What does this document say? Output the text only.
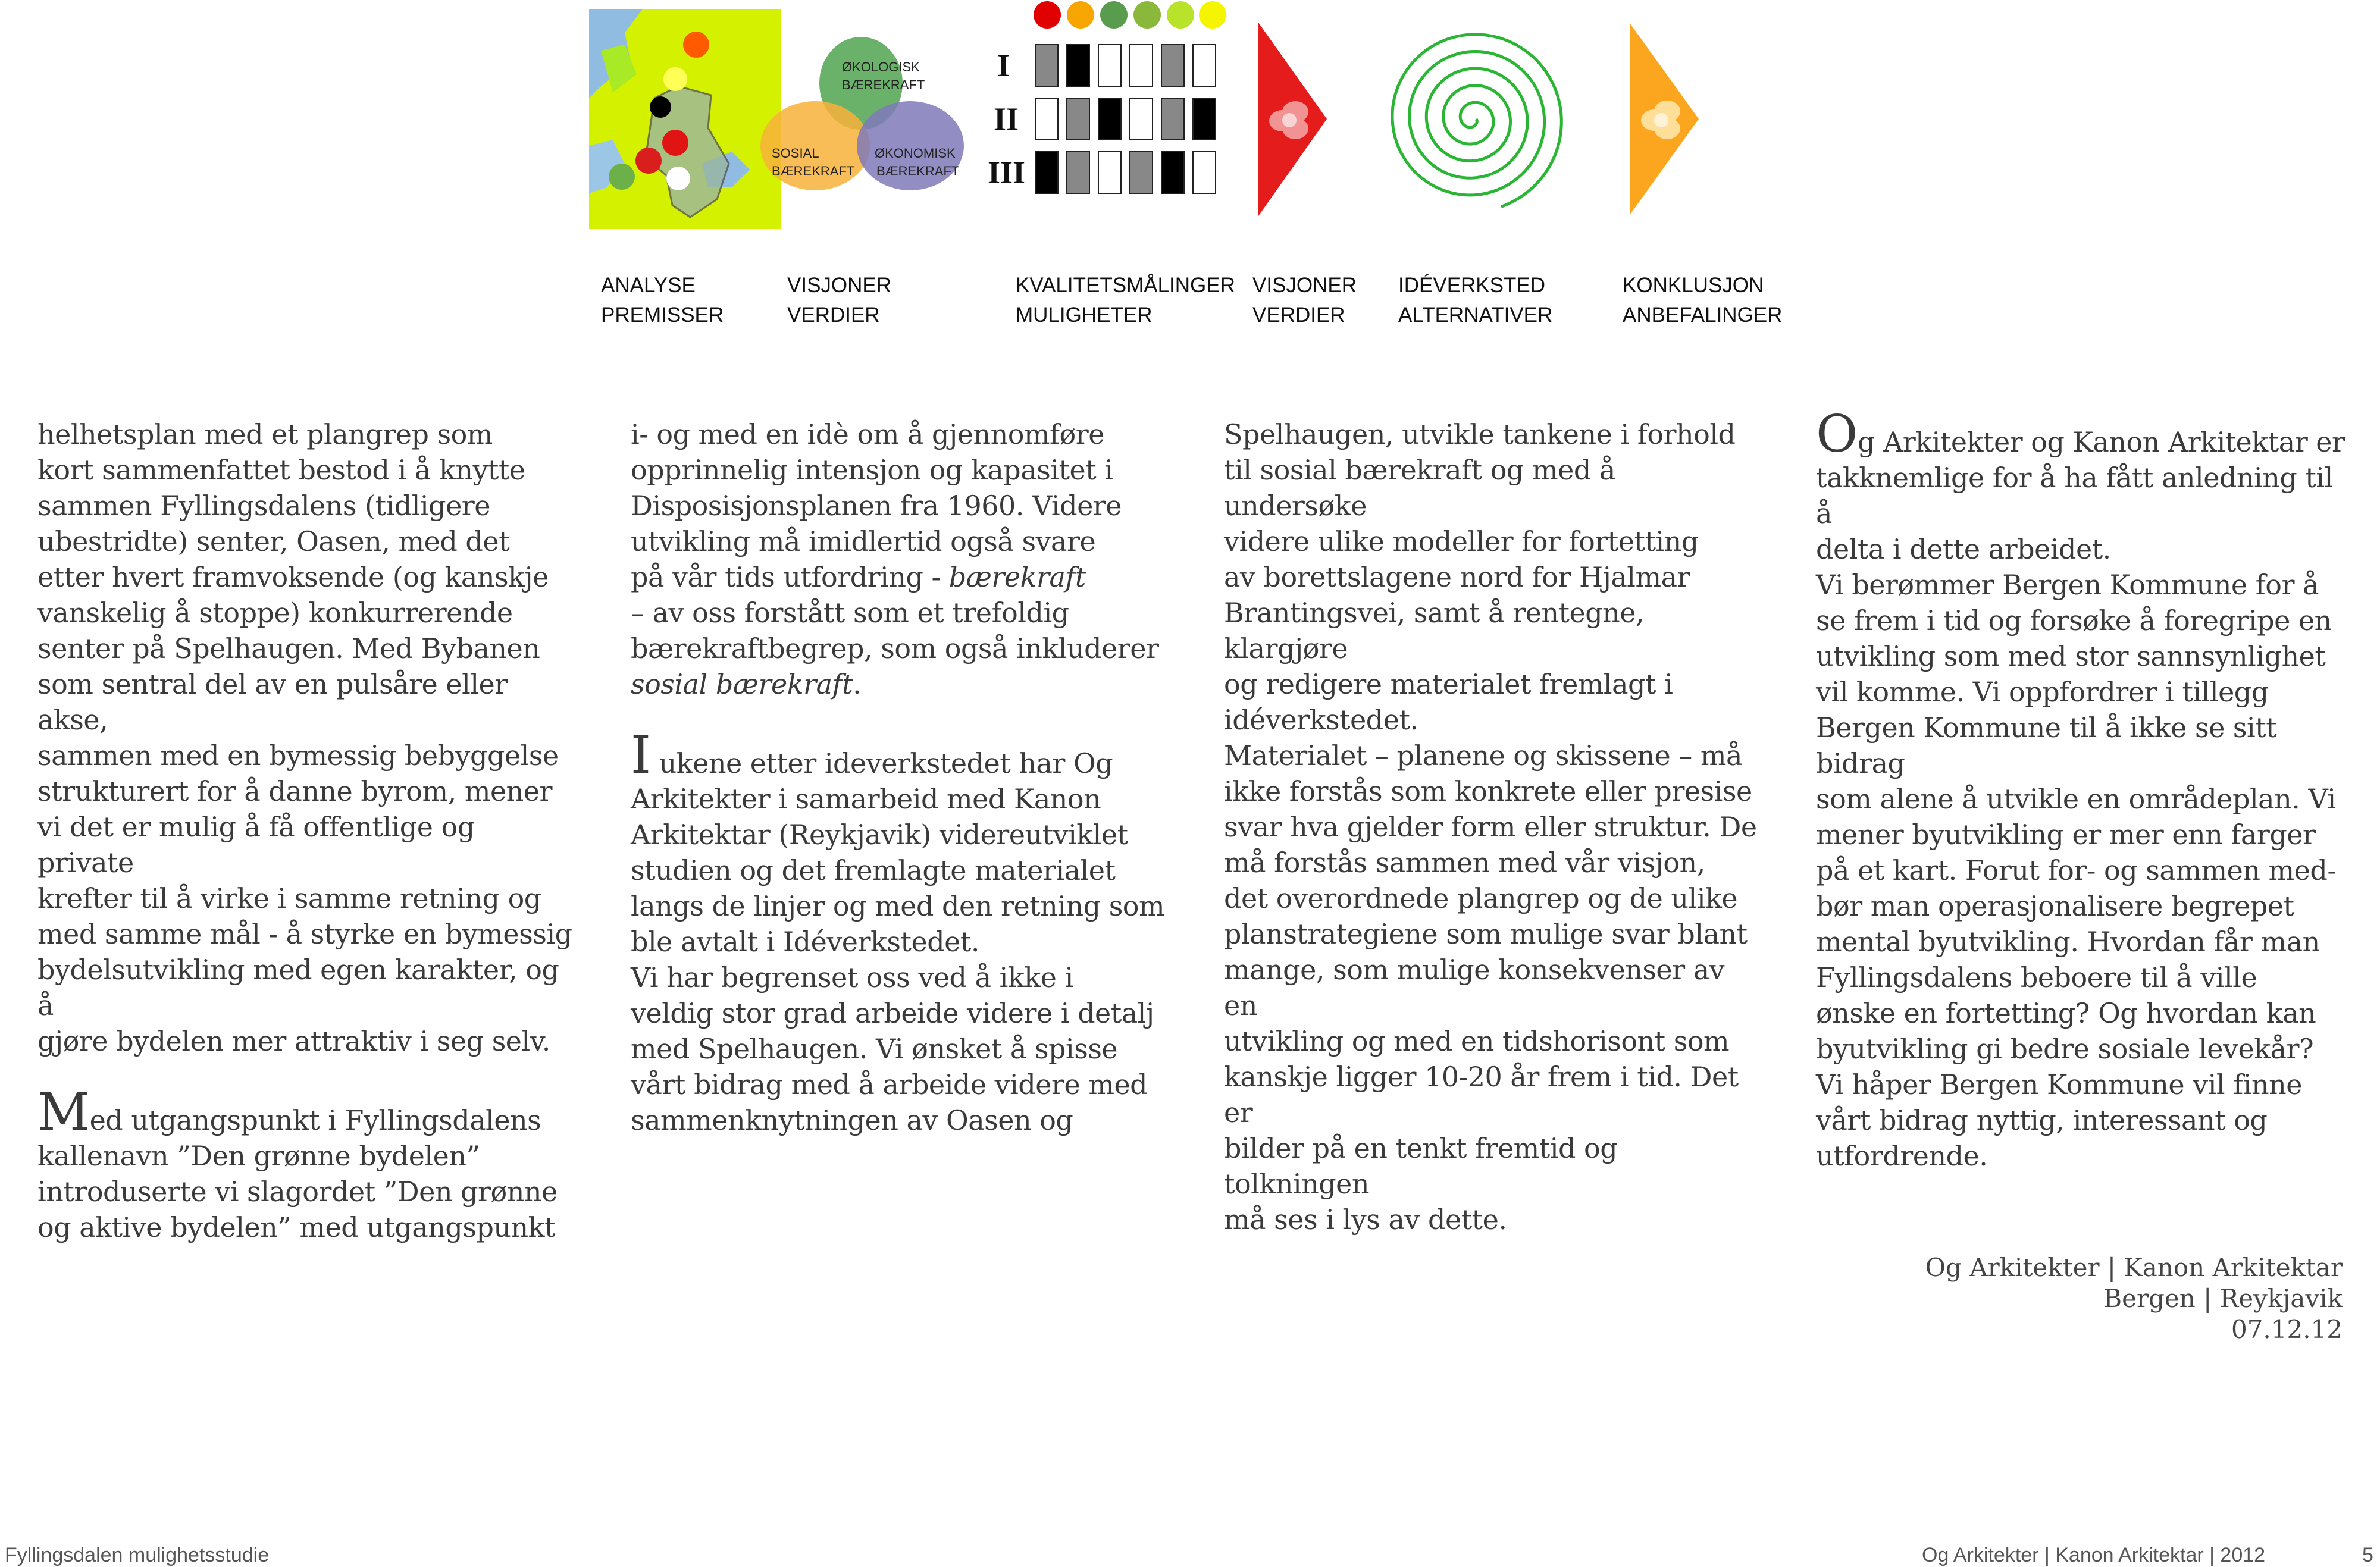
ØKOLOGISK
BÆREKRAFT
SOSIAL
BÆREKRAFT
ØKONOMISK
BÆREKRAFT
I
II
III
ANALYSE
PREMISSER
VISJONER
VERDIER
KVALITETSMÅLINGER
MULIGHETER
VISJONER
VERDIER
IDÉVERKSTED
ALTERNATIVER
KONKLUSJON
ANBEFALINGER

helhetsplan med et plangrep som
kort sammenfattet bestod i å knytte
sammen Fyllingsdalens (tidligere
ubestridte) senter, Oasen, med det
etter hvert framvoksende (og kanskje
vanskelig å stoppe) konkurrerende
senter på Spelhaugen. Med Bybanen
som sentral del av en pulsåre eller akse,
sammen med en bymessig bebyggelse
strukturert for å danne byrom, mener
vi det er mulig å få offentlige og private
krefter til å virke i samme retning og
med samme mål - å styrke en bymessig
bydelsutvikling med egen karakter, og å
gjøre bydelen mer attraktiv i seg selv.

Med utgangspunkt i Fyllingsdalens
kallenavn ”Den grønne bydelen”
introduserte vi slagordet ”Den grønne
og aktive bydelen” med utgangspunkt

i- og med en idè om å gjennomføre
opprinnelig intensjon og kapasitet i
Disposisjonsplanen fra 1960. Videre
utvikling må imidlertid også svare
på vår tids utfordring - bærekraft
– av oss forstått som et trefoldig
bærekraftbegrep, som også inkluderer
sosial bærekraft.

I ukene etter ideverkstedet har Og
Arkitekter i samarbeid med Kanon
Arkitektar (Reykjavik) videreutviklet
studien og det fremlagte materialet
langs de linjer og med den retning som
ble avtalt i Idéverkstedet.
Vi har begrenset oss ved å ikke i
veldig stor grad arbeide videre i detalj
med Spelhaugen. Vi ønsket å spisse
vårt bidrag med å arbeide videre med
sammenknytningen av Oasen og

Spelhaugen, utvikle tankene i forhold
til sosial bærekraft og med å undersøke
videre ulike modeller for fortetting
av borettslagene nord for Hjalmar
Brantingsvei, samt å rentegne, klargjøre
og redigere materialet fremlagt i
idéverkstedet.
Materialet – planene og skissene – må
ikke forstås som konkrete eller presise
svar hva gjelder form eller struktur. De
må forstås sammen med vår visjon,
det overordnede plangrep og de ulike
planstrategiene som mulige svar blant
mange, som mulige konsekvenser av en
utvikling og med en tidshorisont som
kanskje ligger 10-20 år frem i tid. Det er
bilder på en tenkt fremtid og tolkningen
må ses i lys av dette.

Og Arkitekter og Kanon Arkitektar er
takknemlige for å ha fått anledning til å
delta i dette arbeidet.
Vi berømmer Bergen Kommune for å
se frem i tid og forsøke å foregripe en
utvikling som med stor sannsynlighet
vil komme. Vi oppfordrer i tillegg
Bergen Kommune til å ikke se sitt bidrag
som alene å utvikle en områdeplan. Vi
mener byutvikling er mer enn farger
på et kart. Forut for- og sammen med-
bør man operasjonalisere begrepet
mental byutvikling. Hvordan får man
Fyllingsdalens beboere til å ville
ønske en fortetting? Og hvordan kan
byutvikling gi bedre sosiale levekår?
Vi håper Bergen Kommune vil finne
vårt bidrag nyttig, interessant og
utfordrende.

Og Arkitekter | Kanon Arkitektar
Bergen | Reykjavik
07.12.12
Fyllingsdalen mulighetsstudie	Og Arkitekter | Kanon Arkitektar | 2012	5
